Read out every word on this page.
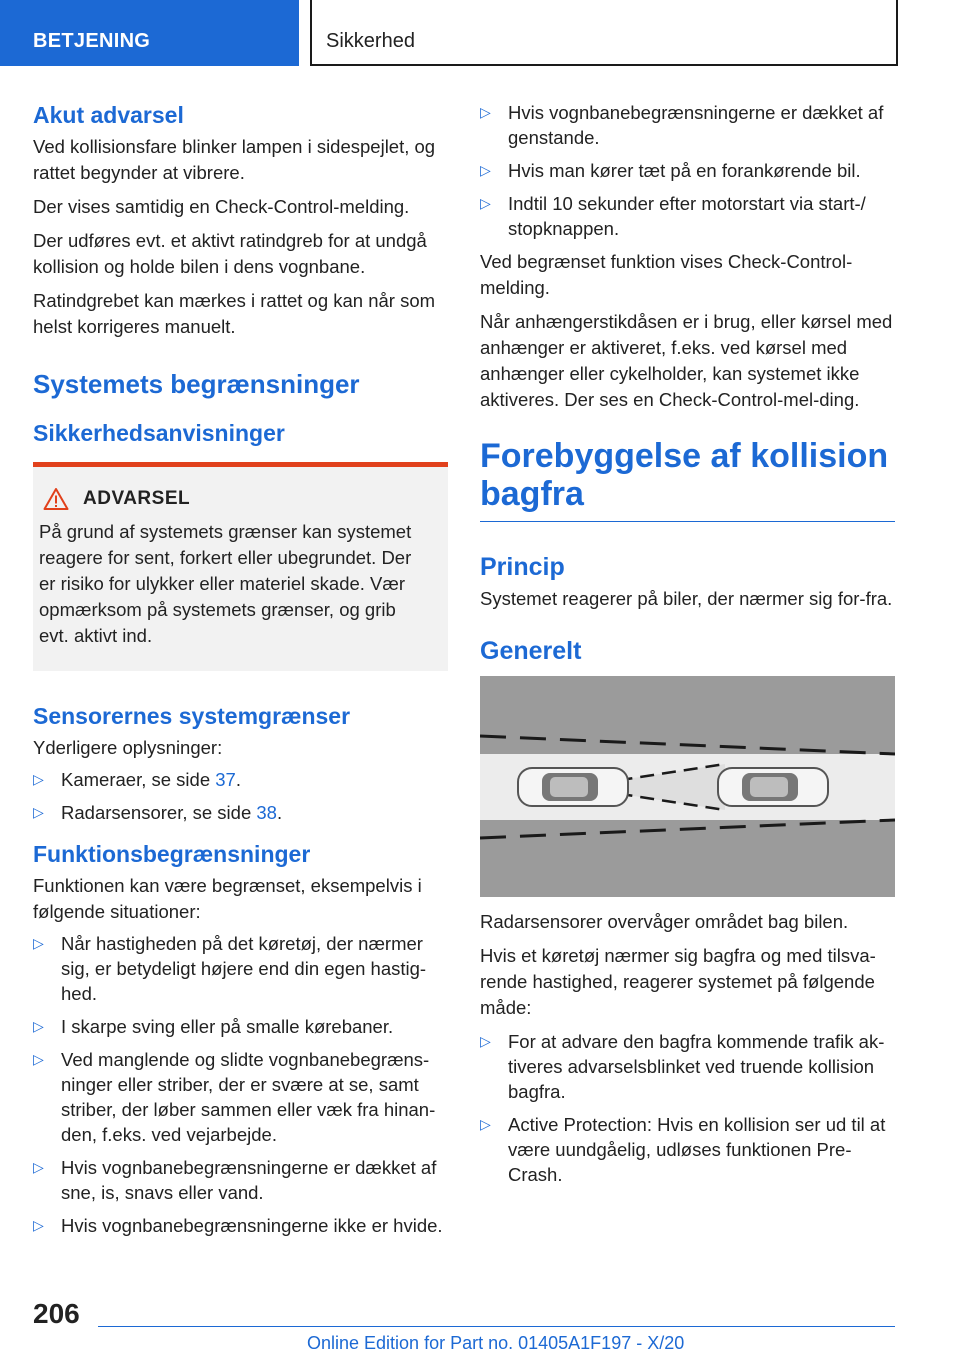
BETJENING	Sikkerhed
Akut advarsel

Ved kollisionsfare blinker lampen i sidespejlet, og rattet begynder at vibrere.

Der vises samtidig en Check-Control-melding.

Der udføres evt. et aktivt ratindgreb for at undgå kollision og holde bilen i dens vognbane.

Ratindgrebet kan mærkes i rattet og kan når som helst korrigeres manuelt.

Systemets begrænsninger
Sikkerhedsanvisninger
ADVARSEL

På grund af systemets grænser kan systemet reagere for sent, forkert eller ubegrundet. Der er risiko for ulykker eller materiel skade. Vær opmærksom på systemets grænser, og grib evt. aktivt ind.

Sensorernes systemgrænser

Yderligere oplysninger:

▷ Kameraer, se side 37.
▷ Radarsensorer, se side 38.
Funktionsbegrænsninger

Funktionen kan være begrænset, eksempelvis i følgende situationer:

▷ Når hastigheden på det køretøj, der nærmer sig, er betydeligt højere end din egen hastig-hed.
▷ I skarpe sving eller på smalle kørebaner.
▷ Ved manglende og slidte vognbanebegræns-ninger eller striber, der er svære at se, samt striber, der løber sammen eller væk fra hinan-den, f.eks. ved vejarbejde.
▷ Hvis vognbanebegrænsningerne er dækket af sne, is, snavs eller vand.
▷ Hvis vognbanebegrænsningerne ikke er hvide.
▷ Hvis vognbanebegrænsningerne er dækket af genstande.
▷ Hvis man kører tæt på en forankørende bil.
▷ Indtil 10 sekunder efter motorstart via start-/ stopknappen.

Ved begrænset funktion vises Check-Control-melding.

Når anhængerstikdåsen er i brug, eller kørsel med anhænger er aktiveret, f.eks. ved kørsel med anhænger eller cykelholder, kan systemet ikke aktiveres. Der ses en Check-Control-mel-ding.

Forebyggelse af kollision bagfra
Princip

Systemet reagerer på biler, der nærmer sig for-fra.

Generelt

Radarsensorer overvåger området bag bilen.

Hvis et køretøj nærmer sig bagfra og med tilsva-rende hastighed, reagerer systemet på følgende måde:

▷ For at advare den bagfra kommende trafik ak-tiveres advarselsblinket ved truende kollision bagfra.
▷ Active Protection: Hvis en kollision ser ud til at være uundgåelig, udløses funktionen Pre-Crash.
206
Online Edition for Part no. 01405A1F197 - X/20
